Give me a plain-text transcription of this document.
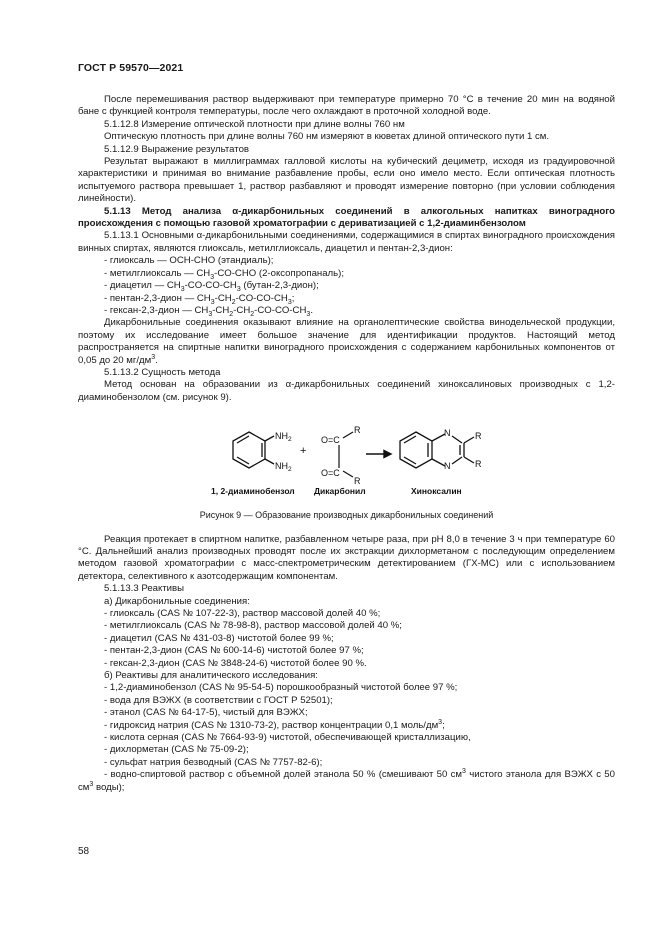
ГОСТ Р 59570—2021

После перемешивания раствор выдерживают при температуре примерно 70 °С в течение 20 мин на водяной бане с функцией контроля температуры, после чего охлаждают в проточной холодной воде.

5.1.12.8 Измерение оптической плотности при длине волны 760 нм

Оптическую плотность при длине волны 760 нм измеряют в кюветах длиной оптического пути 1 см.

5.1.12.9 Выражение результатов

Результат выражают в миллиграммах галловой кислоты на кубический дециметр, исходя из градуировочной характеристики и принимая во внимание разбавление пробы, если оно имело место. Если оптическая плотность испытуемого раствора превышает 1, раствор разбавляют и проводят измерение повторно (при условии соблюдения линейности).

5.1.13 Метод анализа α-дикарбонильных соединений в алкогольных напитках виноградного происхождения с помощью газовой хроматографии с дериватизацией с 1,2-диаминбензолом

5.1.13.1 Основными α-дикарбонильными соединениями, содержащимися в спиртах виноградного происхождения винных спиртах, являются глиоксаль, метилглиоксаль, диацетил и пентан-2,3-дион:

- глиоксаль — ОСН-СНО (этандиаль);

- метилглиоксаль — $СН_3-CO$-CHO (2-оксопропаналь);

- диацетил — $CH_3-CO-CO-CH_3$ (бутан-2,3-дион);

- пентан-2,3-дион — $CH_3-CH_2-CO-CO-CH_3$;

- гексан-2,3-дион — $CH_3-CH_2-CH_2-CO-CO-CH_3$.

Дикарбонильные соединения оказывают влияние на органолептические свойства винодельческой продукции, поэтому их исследование имеет большое значение для идентификации продуктов. Настоящий метод распространяется на спиртные напитки виноградного происхождения с содержанием карбонильных компонентов от 0,05 до 20 $мг/дм^3$.

5.1.13.2 Сущность метода

Метод основан на образовании из α-дикарбонильных соединений хиноксалиновых производных с 1,2-диаминобензолом (см. рисунок 9).

$NH_2$
$NH_2$
+
O=C
O=C
R
R
N
N
R
R
1, 2-диаминобензол Дикарбонил	Хиноксалин
Рисунок 9 — Образование производных дикарбонильных соединений

Реакция протекает в спиртном напитке, разбавленном четыре раза, при pH 8,0 в течение 3 ч при температуре 60 °С. Дальнейший анализ производных проводят после их экстракции дихлорметаном с последующим определением методом газовой хроматографии с масс-спектрометрическим детектированием (ГХ-МС) или с использованием детектора, селективного к азотсодержащим компонентам.

5.1.13.3 Реактивы

а) Дикарбонильные соединения:

- глиоксаль (CAS № 107-22-3), раствор массовой долей 40 %;

- метилглиоксаль (CAS № 78-98-8), раствор массовой долей 40 %;

- диацетил (CAS № 431-03-8) чистотой более 99 %;

- пентан-2,3-дион (CAS № 600-14-6) чистотой более 97 %;

- гексан-2,3-дион (CAS № 3848-24-6) чистотой более 90 %.

б) Реактивы для аналитического исследования:

- 1,2-диаминобензол (CAS № 95-54-5) порошкообразный чистотой более 97 %;

- вода для ВЭЖХ (в соответствии с ГОСТ Р 52501);

- этанол (CAS № 64-17-5), чистый для ВЭЖХ;

- гидроксид натрия (CAS № 1310-73-2), раствор концентрации 0,1 моль/$дм^3$;

- кислота серная (CAS № 7664-93-9) чистотой, обеспечивающей кристаллизацию,

- дихлорметан (CAS № 75-09-2);

- сульфат натрия безводный (CAS № 7757-82-6);

- водно-спиртовой раствор с объемной долей этанола 50 % (смешивают 50 $см^3$ чистого этанола для ВЭЖХ с 50 $см^3$ воды);

58
